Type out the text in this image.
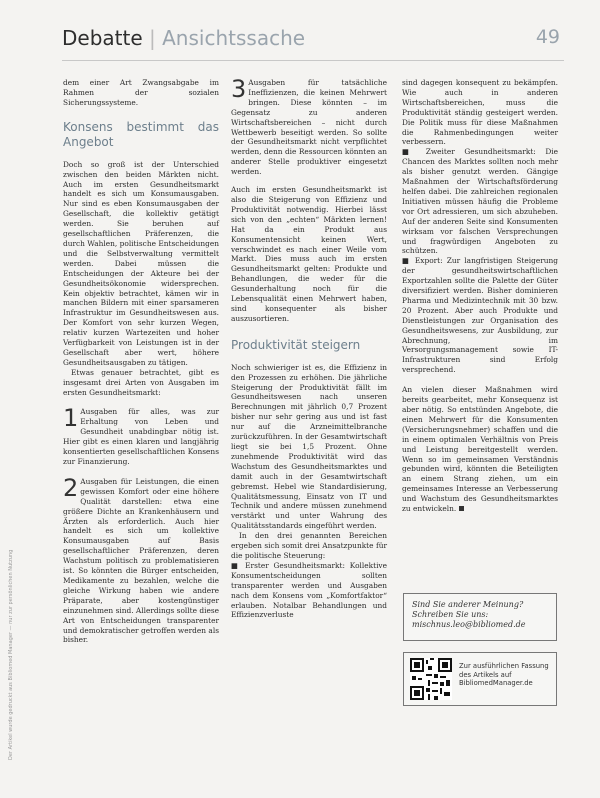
Debatte | Ansichtssache	49

dem einer Art Zwangsabgabe im Rahmen der sozialen Sicherungssysteme.

Konsens bestimmt das Angebot

Doch so groß ist der Unterschied zwischen den beiden Märkten nicht. Auch im ersten Gesundheitsmarkt handelt es sich um Konsumausgaben. Nur sind es eben Konsumausgaben der Gesellschaft, die kollektiv getätigt werden. Sie beruhen auf gesellschaftlichen Präferenzen, die durch Wahlen, politische Entscheidungen und die Selbstverwaltung vermittelt werden. Dabei müssen die Entscheidungen der Akteure bei der Gesundheitsökonomie widersprechen. Kein objektiv betrachtet, kämen wir in manchen Bildern mit einer sparsameren Infrastruktur im Gesundheitswesen aus. Der Komfort von sehr kurzen Wegen, relativ kurzen Wartezeiten und hoher Verfügbarkeit von Leistungen ist in der Gesellschaft aber wert, höhere Gesundheitsausgaben zu tätigen.

Etwas genauer betrachtet, gibt es insgesamt drei Arten von Ausgaben im ersten Gesundheitsmarkt:

1 Ausgaben für alles, was zur Erhaltung von Leben und Gesundheit unabdingbar nötig ist. Hier gibt es einen klaren und langjährig konsentierten gesellschaftlichen Konsens zur Finanzierung.
2 Ausgaben für Leistungen, die einen gewissen Komfort oder eine höhere Qualität darstellen: etwa eine größere Dichte an Krankenhäusern und Ärzten als erforderlich. Auch hier handelt es sich um kollektive Konsumausgaben auf Basis gesellschaftlicher Präferenzen, deren Wachstum politisch zu problematisieren ist. So könnten die Bürger entscheiden, Medikamente zu bezahlen, welche die gleiche Wirkung haben wie andere Präparate, aber kostengünstiger einzunehmen sind. Allerdings sollte diese Art von Entscheidungen transparenter und demokratischer getroffen werden als bisher.
3 Ausgaben für tatsächliche Ineffizienzen, die keinen Mehrwert bringen. Diese könnten – im Gegensatz zu anderen Wirtschaftsbereichen – nicht durch Wettbewerb beseitigt werden. So sollte der Gesundheitsmarkt nicht verpflichtet werden, denn die Ressourcen könnten an anderer Stelle produktiver eingesetzt werden.

Auch im ersten Gesundheitsmarkt ist also die Steigerung von Effizienz und Produktivität notwendig. Hierbei lässt sich von den „echten“ Märkten lernen! Hat da ein Produkt aus Konsumentensicht keinen Wert, verschwindet es nach einer Weile vom Markt. Dies muss auch im ersten Gesundheitsmarkt gelten: Produkte und Behandlungen, die weder für die Gesunderhaltung noch für die Lebensqualität einen Mehrwert haben, sind konsequenter als bisher auszusortieren.

Produktivität steigern

Noch schwieriger ist es, die Effizienz in den Prozessen zu erhöhen. Die jährliche Steigerung der Produktivität fällt im Gesundheitswesen nach unseren Berechnungen mit jährlich 0,7 Prozent bisher nur sehr gering aus und ist fast nur auf die Arzneimittelbranche zurückzuführen. In der Gesamtwirtschaft liegt sie bei 1,5 Prozent. Ohne zunehmende Produktivität wird das Wachstum des Gesundheitsmarktes und damit auch in der Gesamtwirtschaft gebremst. Hebel wie Standardisierung, Qualitätsmessung, Einsatz von IT und Technik und andere müssen zunehmend verstärkt und unter Wahrung des Qualitätsstandards eingeführt werden.

In den drei genannten Bereichen ergeben sich somit drei Ansatzpunkte für die politische Steuerung:

■ Erster Gesundheitsmarkt: Kollektive Konsumentscheidungen sollten transparenter werden und Ausgaben nach dem Konsens vom „Komfortfaktor“ erlauben. Notalbar Behandlungen und Effizienzverluste

sind dagegen konsequent zu bekämpfen. Wie auch in anderen Wirtschaftsbereichen, muss die Produktivität ständig gesteigert werden. Die Politik muss für diese Maßnahmen die Rahmenbedingungen weiter verbessern.

■ Zweiter Gesundheitsmarkt: Die Chancen des Marktes sollten noch mehr als bisher genutzt werden. Gängige Maßnahmen der Wirtschaftsförderung helfen dabei. Die zahlreichen regionalen Initiativen müssen häufig die Probleme vor Ort adressieren, um sich abzuheben. Auf der anderen Seite sind Konsumenten wirksam vor falschen Versprechungen und fragwürdigen Angeboten zu schützen.

■ Export: Zur langfristigen Steigerung der gesundheitswirtschaftlichen Exportzahlen sollte die Palette der Güter diversifiziert werden. Bisher dominieren Pharma und Medizintechnik mit 30 bzw. 20 Prozent. Aber auch Produkte und Dienstleistungen zur Organisation des Gesundheitswesens, zur Ausbildung, zur Abrechnung, im Versorgungsmanagement sowie IT-Infrastrukturen sind Erfolg versprechend.

An vielen dieser Maßnahmen wird bereits gearbeitet, mehr Konsequenz ist aber nötig. So entstünden Angebote, die einen Mehrwert für die Konsumenten (Versicherungsnehmer) schaffen und die in einem optimalen Verhältnis von Preis und Leistung bereitgestellt werden. Wenn so im gemeinsamen Verständnis gebunden wird, könnten die Beteiligten an einem Strang ziehen, um ein gemeinsames Interesse an Verbesserung und Wachstum des Gesundheitsmarktes zu entwickeln.

Sind Sie anderer Meinung?
Schreiben Sie uns:
mischnus.leo@bibliomed.de
Zur ausführlichen Fassung
des Artikels auf
BibliomedManager.de
Der Artikel wurde gedruckt aus Bibliomed Manager — nur zur persönlichen Nutzung
